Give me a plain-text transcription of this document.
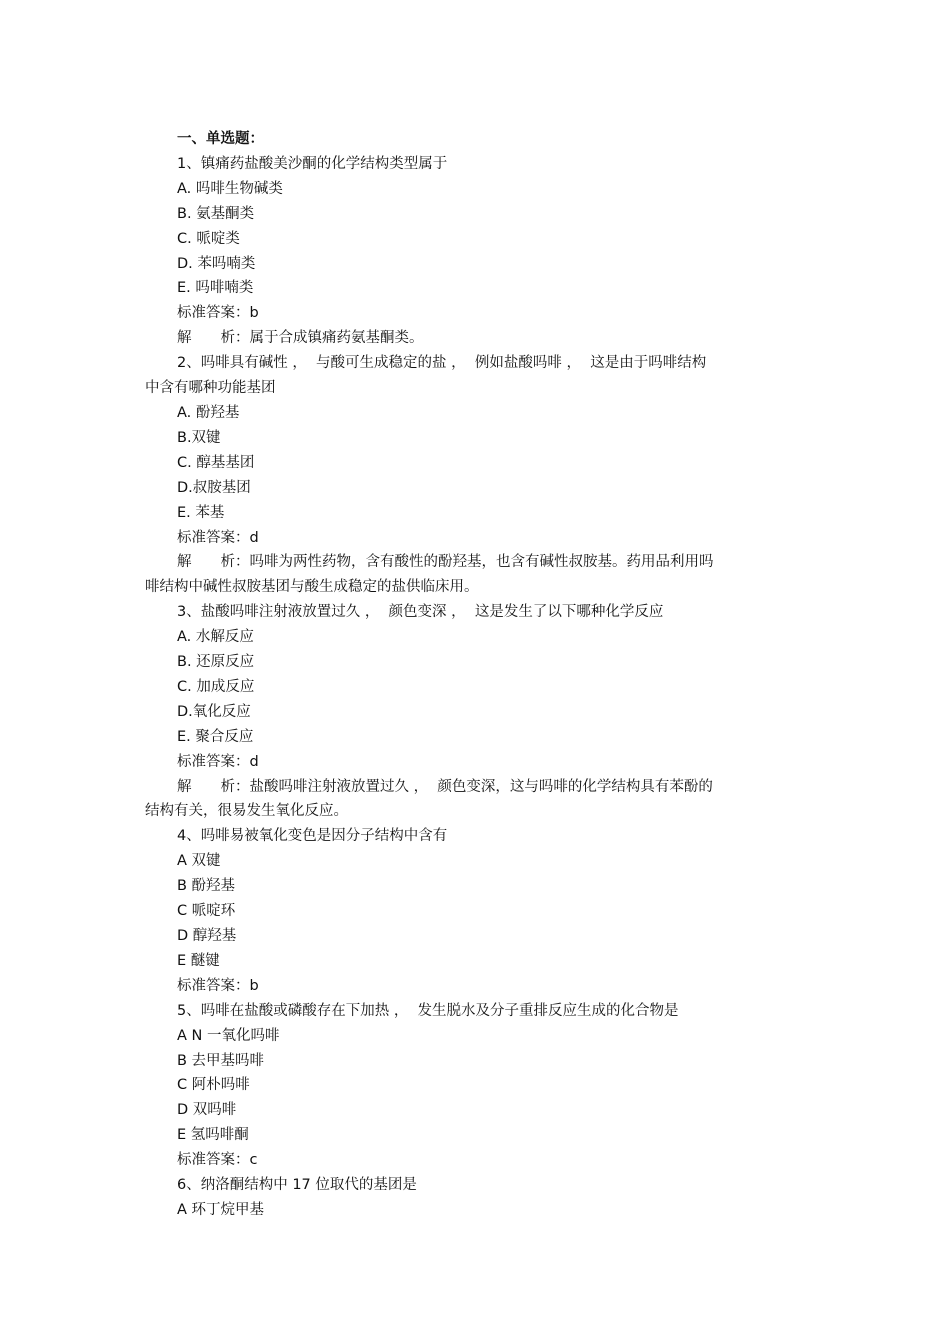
一、单选题：
1、镇痛药盐酸美沙酮的化学结构类型属于
A. 吗啡生物碱类
B. 氨基酮类
C. 哌啶类
D. 苯吗喃类
E. 吗啡喃类
标准答案：b
解　　析：属于合成镇痛药氨基酮类。
2、吗啡具有碱性 ，  与酸可生成稳定的盐 ，  例如盐酸吗啡 ，  这是由于吗啡结构
中含有哪种功能基团
A. 酚羟基
B.双键
C. 醇基基团
D.叔胺基团
E. 苯基
标准答案：d
解　　析：吗啡为两性药物，含有酸性的酚羟基，也含有碱性叔胺基。药用品利用吗
啡结构中碱性叔胺基团与酸生成稳定的盐供临床用。
3、盐酸吗啡注射液放置过久 ，  颜色变深 ，  这是发生了以下哪种化学反应
A. 水解反应
B. 还原反应
C. 加成反应
D.氧化反应
E. 聚合反应
标准答案：d
解　　析：盐酸吗啡注射液放置过久 ，  颜色变深，这与吗啡的化学结构具有苯酚的
结构有关，很易发生氧化反应。
4、吗啡易被氧化变色是因分子结构中含有
A 双键
B 酚羟基
C 哌啶环
D 醇羟基
E 醚键
标准答案：b
5、吗啡在盐酸或磷酸存在下加热 ，  发生脱水及分子重排反应生成的化合物是
A N 一氧化吗啡
B 去甲基吗啡
C 阿朴吗啡
D 双吗啡
E 氢吗啡酮
标准答案：c
6、纳洛酮结构中 17 位取代的基团是
A 环丁烷甲基
